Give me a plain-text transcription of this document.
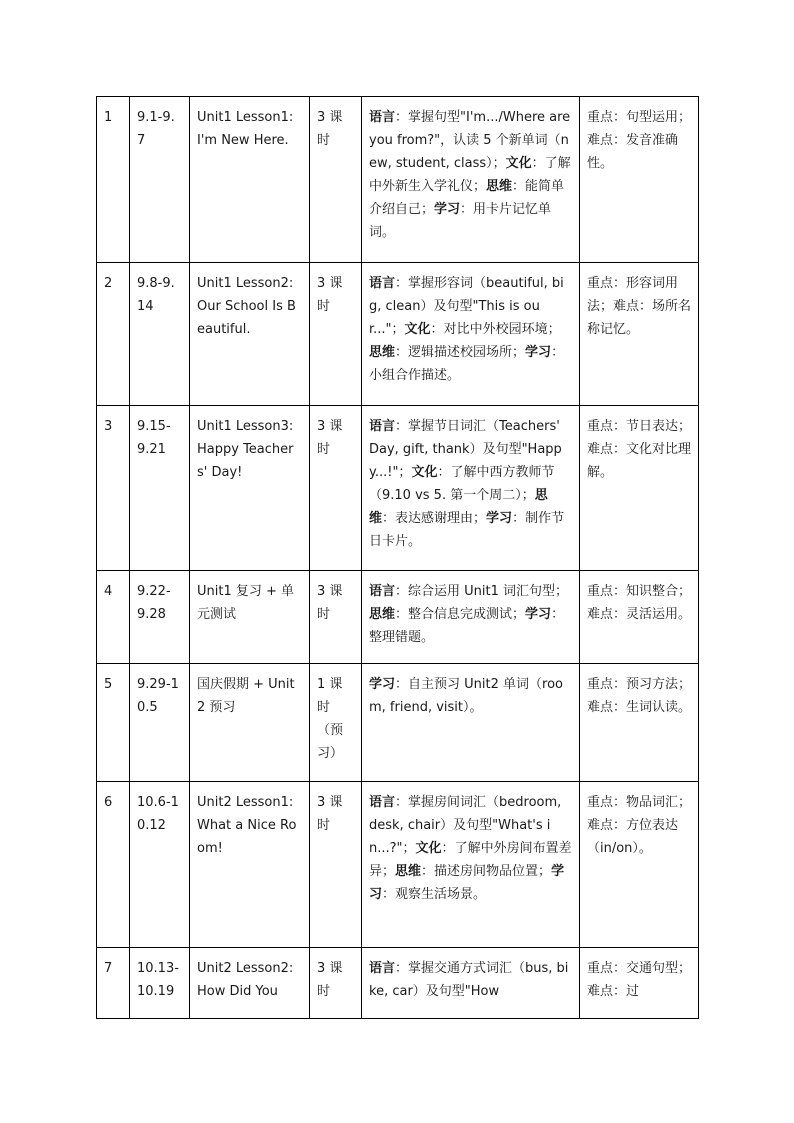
1	9.1-9.7	Unit1 Lesson1: I'm New Here.	3 课时	语言：掌握句型"I'm.../Where are you from?"，认读 5 个新单词（new, student, class）；文化：了解中外新生入学礼仪；思维：能简单介绍自己；学习：用卡片记忆单词。	重点：句型运用；难点：发音准确性。
2	9.8-9.14	Unit1 Lesson2: Our School Is Beautiful.	3 课时	语言：掌握形容词（beautiful, big, clean）及句型"This is our..."；文化：对比中外校园环境；思维：逻辑描述校园场所；学习：小组合作描述。	重点：形容词用法；难点：场所名称记忆。
3	9.15-9.21	Unit1 Lesson3: Happy Teachers' Day!	3 课时	语言：掌握节日词汇（Teachers' Day, gift, thank）及句型"Happy...!"；文化：了解中西方教师节（9.10 vs 5. 第一个周二）；思维：表达感谢理由；学习：制作节日卡片。	重点：节日表达；难点：文化对比理解。
4	9.22-9.28	Unit1 复习 + 单元测试	3 课时	语言：综合运用 Unit1 词汇句型；思维：整合信息完成测试；学习：整理错题。	重点：知识整合；难点：灵活运用。
5	9.29-10.5	国庆假期 + Unit2 预习	1 课时（预习）	学习：自主预习 Unit2 单词（room, friend, visit）。	重点：预习方法；难点：生词认读。
6	10.6-10.12	Unit2 Lesson1: What a Nice Room!	3 课时	语言：掌握房间词汇（bedroom, desk, chair）及句型"What's in...?"；文化：了解中外房间布置差异；思维：描述房间物品位置；学习：观察生活场景。	重点：物品词汇；难点：方位表达（in/on）。
7	10.13-10.19	Unit2 Lesson2: How Did You	3 课时	语言：掌握交通方式词汇（bus, bike, car）及句型"How	重点：交通句型；难点：过
